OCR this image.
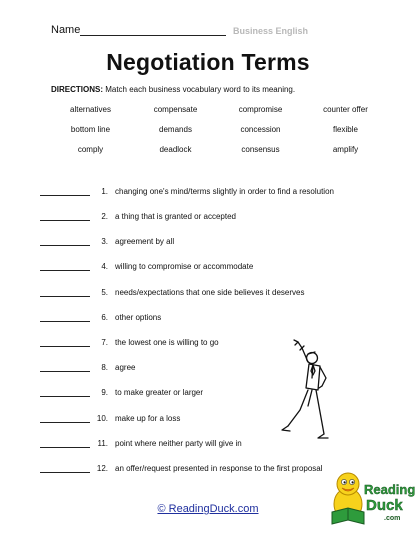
Name	Business English
Negotiation Terms
DIRECTIONS: Match each business vocabulary word to its meaning.
alternatives	compensate	compromise	counter offer
bottom line	demands	concession	flexible
comply	deadlock	consensus	amplify
1. changing one's mind/terms slightly in order to find a resolution
2. a thing that is granted or accepted
3. agreement by all
4. willing to compromise or accommodate
5. needs/expectations that one side believes it deserves
6. other options
7. the lowest one is willing to go
8. agree
9. to make greater or larger
10. make up for a loss
11. point where neither party will give in
12. an offer/request presented in response to the first proposal
© ReadingDuck.com
Reading
Duck
.com
